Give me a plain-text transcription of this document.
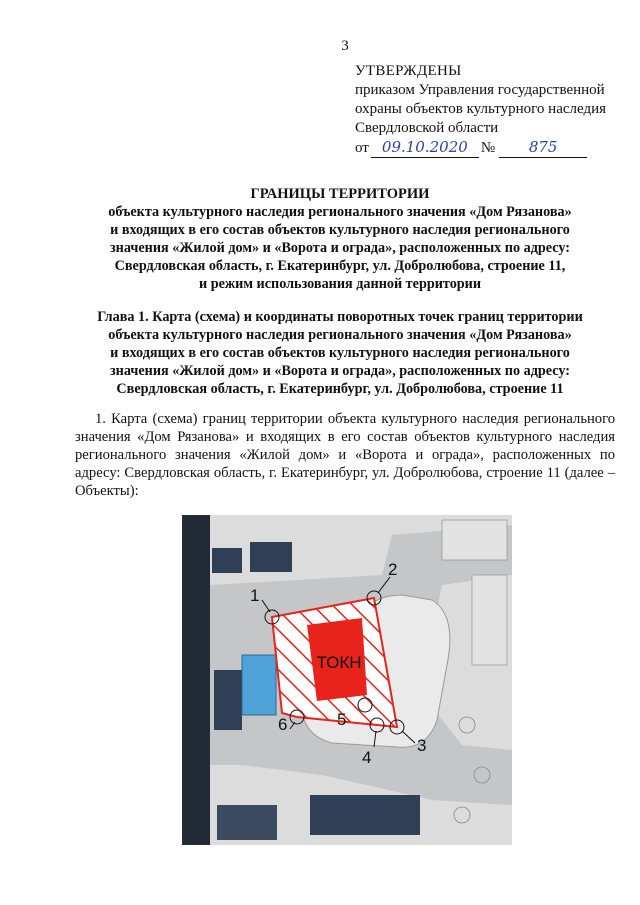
3
УТВЕРЖДЕНЫ
приказом Управления государственной
охраны объектов культурного наследия
Свердловской области
от 09.10.2020 №	875
ГРАНИЦЫ ТЕРРИТОРИИ
объекта культурного наследия регионального значения «Дом Рязанова»
и входящих в его состав объектов культурного наследия регионального
значения «Жилой дом» и «Ворота и ограда», расположенных по адресу:
Свердловская область, г. Екатеринбург, ул. Добролюбова, строение 11,
и режим использования данной территории
Глава 1. Карта (схема) и координаты поворотных точек границ территории
объекта культурного наследия регионального значения «Дом Рязанова»
и входящих в его состав объектов культурного наследия регионального
значения «Жилой дом» и «Ворота и ограда», расположенных по адресу:
Свердловская область, г. Екатеринбург, ул. Добролюбова, строение 11
1. Карта (схема) границ территории объекта культурного наследия регионального значения «Дом Рязанова» и входящих в его состав объектов культурного наследия регионального значения «Жилой дом» и «Ворота и ограда», расположенных по адресу: Свердловская область, г. Екатеринбург, ул. Добролюбова, строение 11 (далее – Объекты):
ТОКН
1
2
3
4
5
6
